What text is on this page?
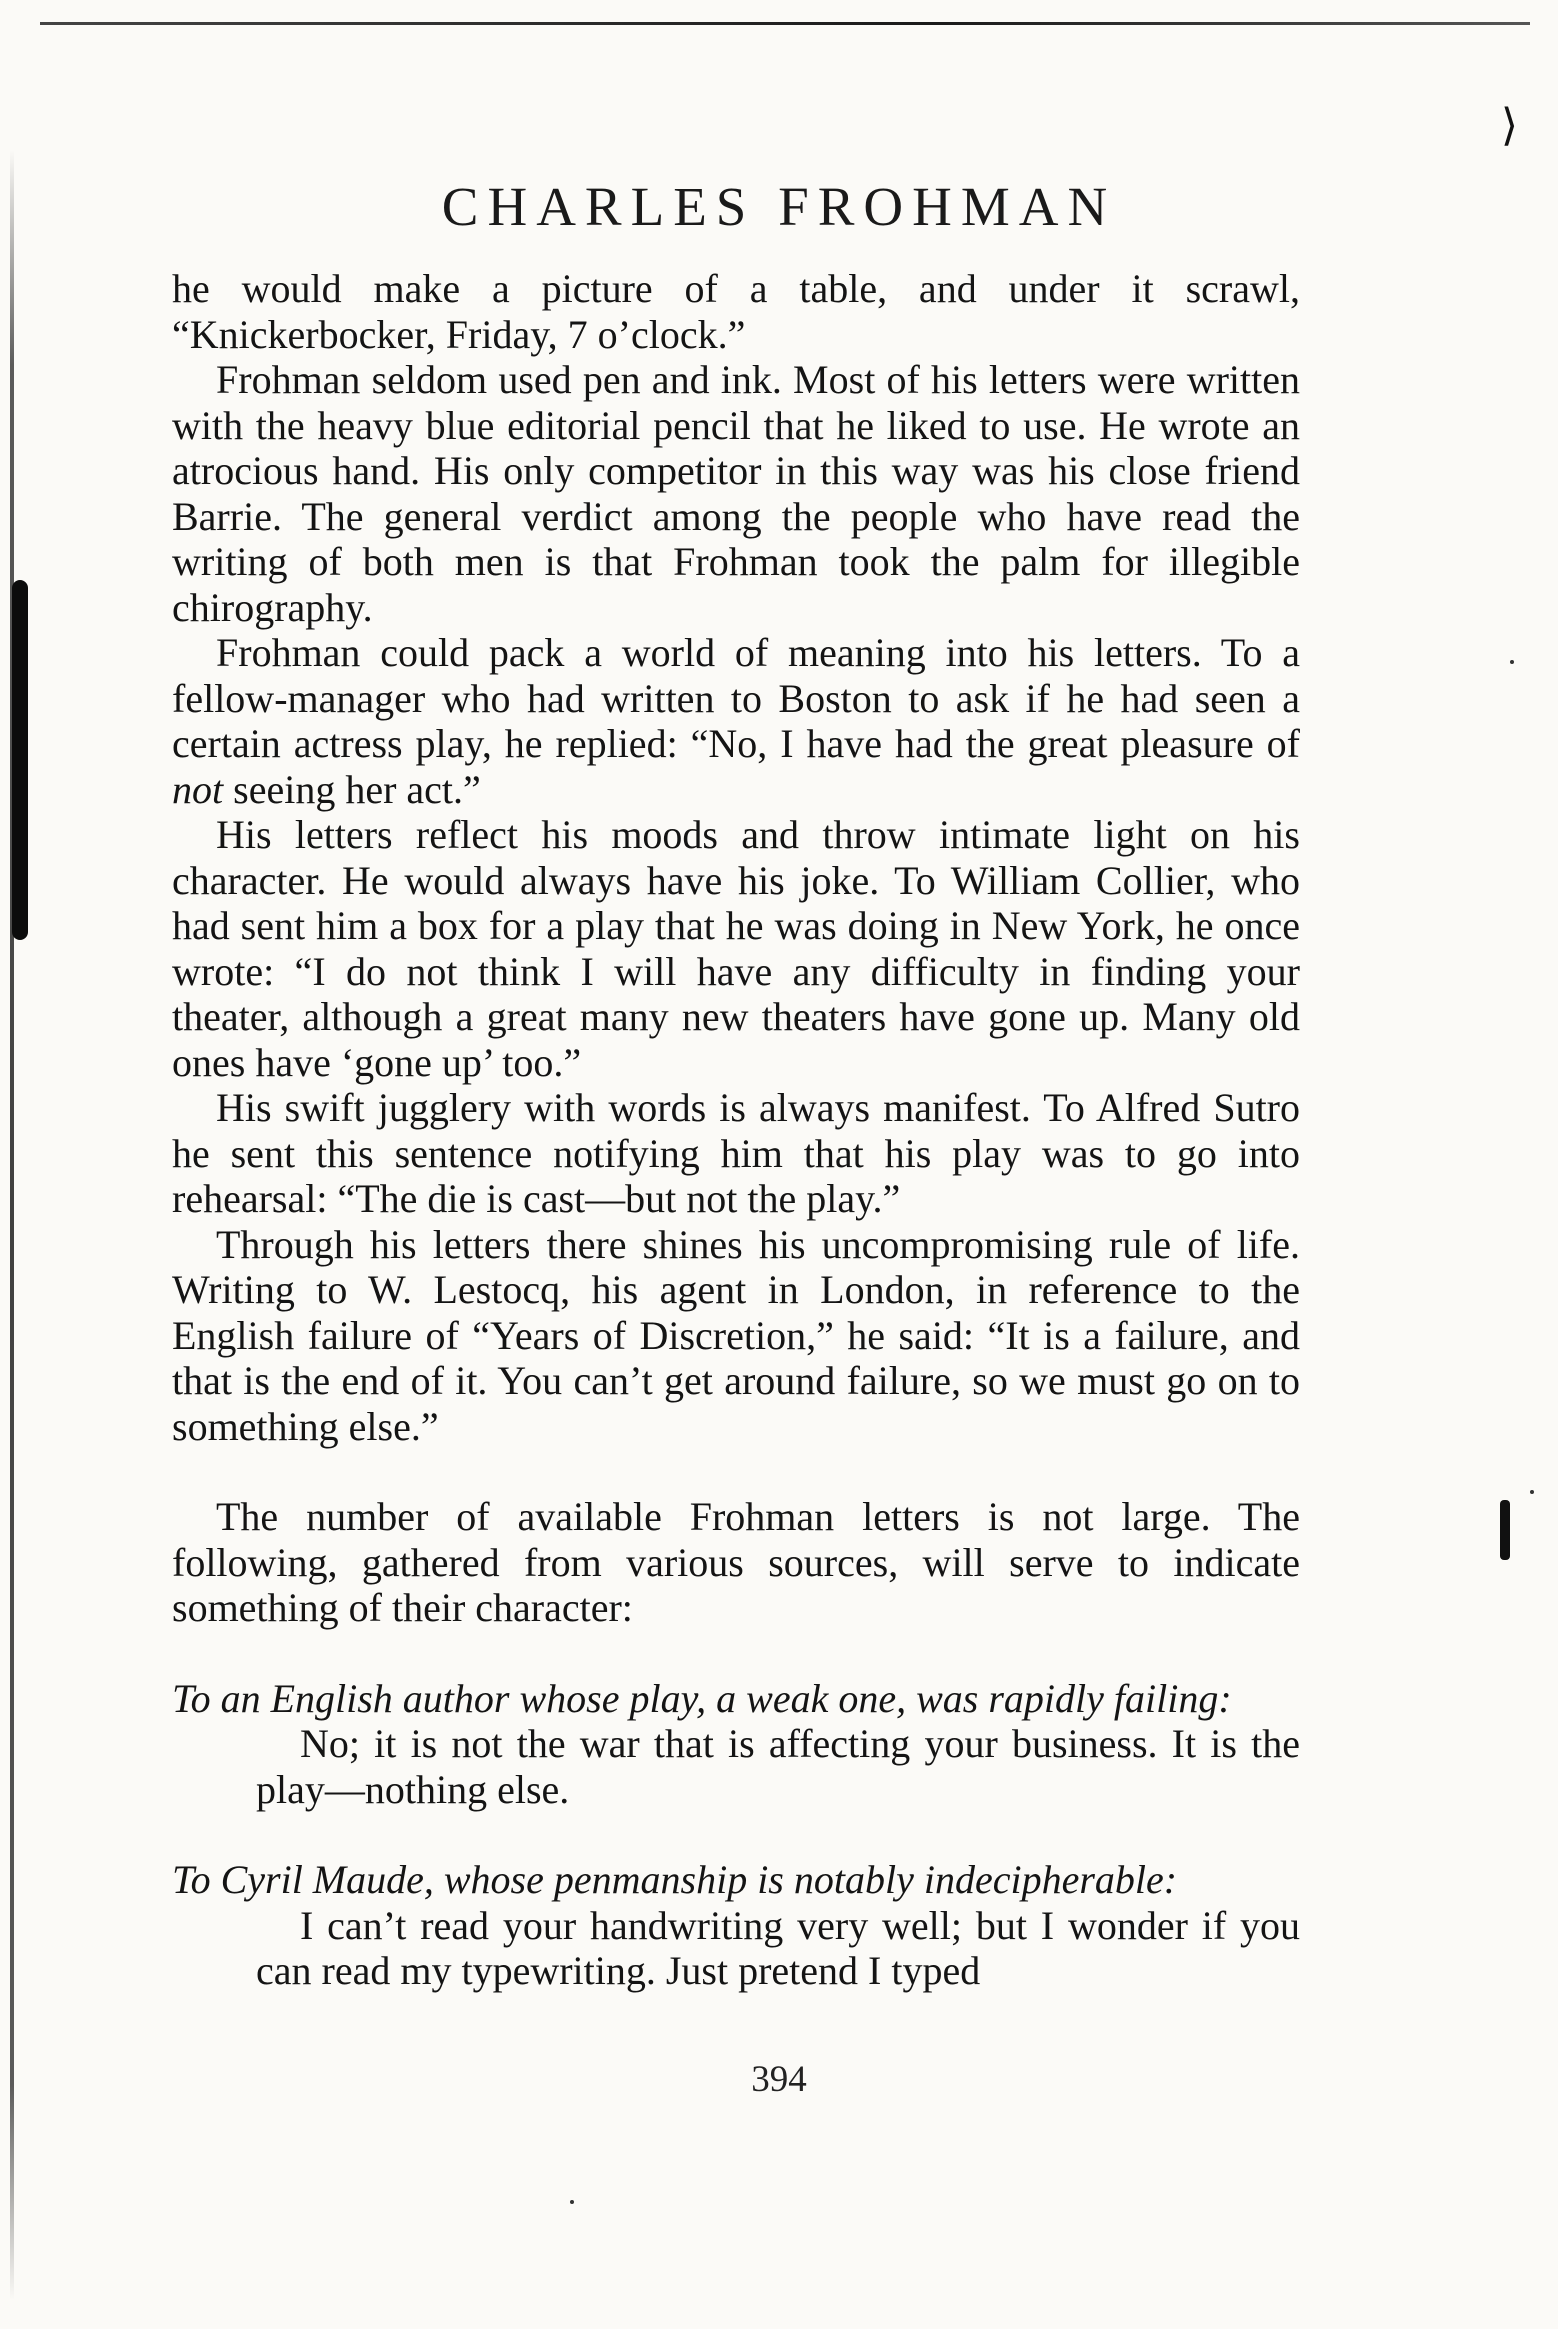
⟩
CHARLES FROHMAN

he would make a picture of a table, and under it scrawl, “Knickerbocker, Friday, 7 o’clock.”

Frohman seldom used pen and ink. Most of his letters were written with the heavy blue editorial pencil that he liked to use. He wrote an atrocious hand. His only competitor in this way was his close friend Barrie. The general verdict among the people who have read the writing of both men is that Frohman took the palm for illegible chirography.

Frohman could pack a world of meaning into his letters. To a fellow-manager who had written to Boston to ask if he had seen a certain actress play, he replied: “No, I have had the great pleasure of not seeing her act.”

His letters reflect his moods and throw intimate light on his character. He would always have his joke. To William Collier, who had sent him a box for a play that he was doing in New York, he once wrote: “I do not think I will have any difficulty in finding your theater, although a great many new theaters have gone up. Many old ones have ‘gone up’ too.”

His swift jugglery with words is always manifest. To Alfred Sutro he sent this sentence notifying him that his play was to go into rehearsal: “The die is cast—but not the play.”

Through his letters there shines his uncompromising rule of life. Writing to W. Lestocq, his agent in London, in reference to the English failure of “Years of Discretion,” he said: “It is a failure, and that is the end of it. You can’t get around failure, so we must go on to something else.”

The number of available Frohman letters is not large. The following, gathered from various sources, will serve to indicate something of their character:

To an English author whose play, a weak one, was rapidly failing:

No; it is not the war that is affecting your business. It is the play—nothing else.

To Cyril Maude, whose penmanship is notably indecipherable:

I can’t read your handwriting very well; but I wonder if you can read my typewriting. Just pretend I typed

394
